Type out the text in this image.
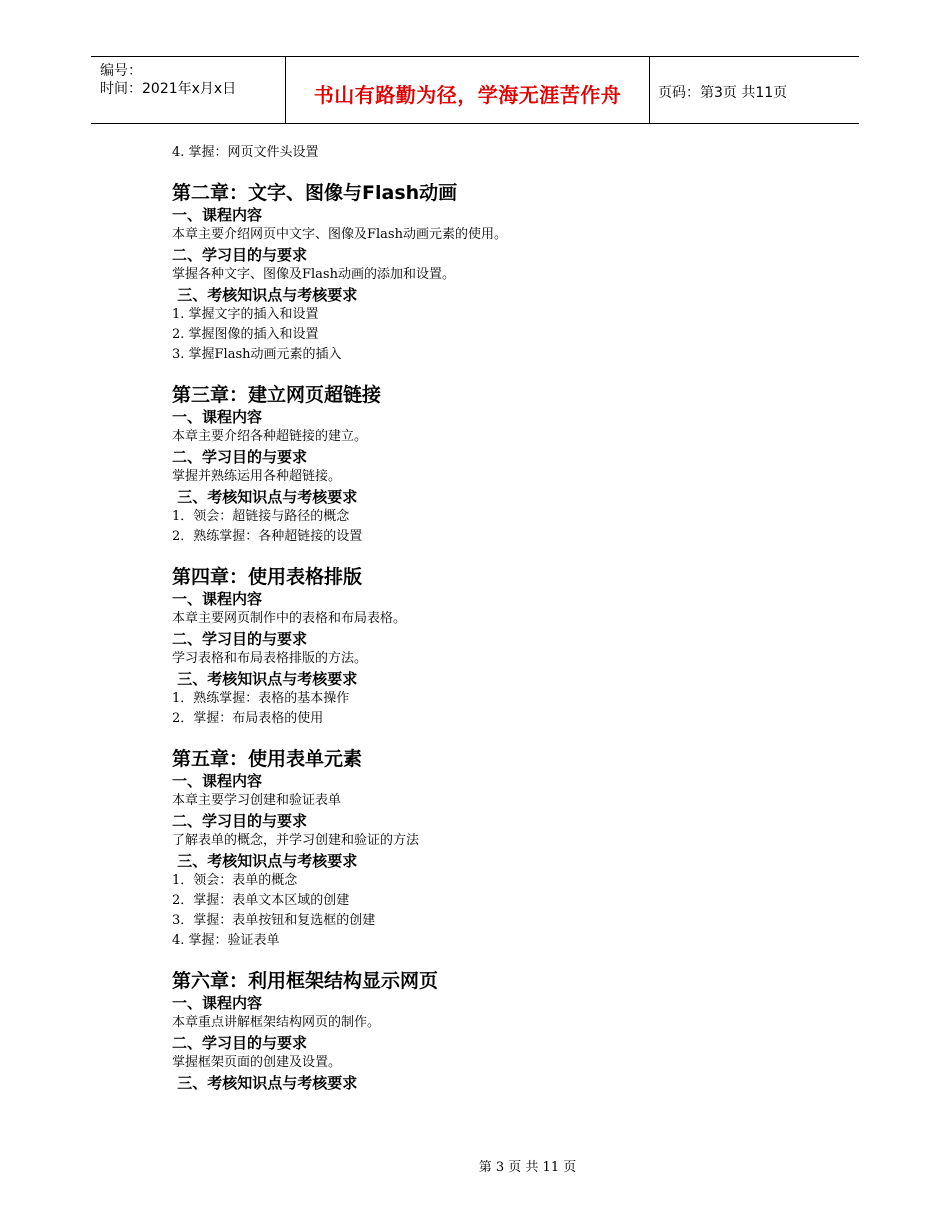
编号：
时间：2021年x月x日	书山有路勤为径，学海无涯苦作舟	页码：第3页 共11页
4. 掌握：网页文件头设置
第二章：文字、图像与Flash动画
一、课程内容
本章主要介绍网页中文字、图像及Flash动画元素的使用。
二、学习目的与要求
掌握各种文字、图像及Flash动画的添加和设置。
三、考核知识点与考核要求
1. 掌握文字的插入和设置
2. 掌握图像的插入和设置
3. 掌握Flash动画元素的插入
第三章：建立网页超链接
一、课程内容
本章主要介绍各种超链接的建立。
二、学习目的与要求
掌握并熟练运用各种超链接。
三、考核知识点与考核要求
1．领会：超链接与路径的概念
2．熟练掌握：各种超链接的设置
第四章：使用表格排版
一、课程内容
本章主要网页制作中的表格和布局表格。
二、学习目的与要求
学习表格和布局表格排版的方法。
三、考核知识点与考核要求
1．熟练掌握：表格的基本操作
2．掌握：布局表格的使用
第五章：使用表单元素
一、课程内容
本章主要学习创建和验证表单
二、学习目的与要求
了解表单的概念，并学习创建和验证的方法
三、考核知识点与考核要求
1．领会：表单的概念
2．掌握：表单文本区域的创建
3．掌握：表单按钮和复选框的创建
4. 掌握：验证表单
第六章：利用框架结构显示网页
一、课程内容
本章重点讲解框架结构网页的制作。
二、学习目的与要求
掌握框架页面的创建及设置。
三、考核知识点与考核要求
第 3 页 共 11 页
